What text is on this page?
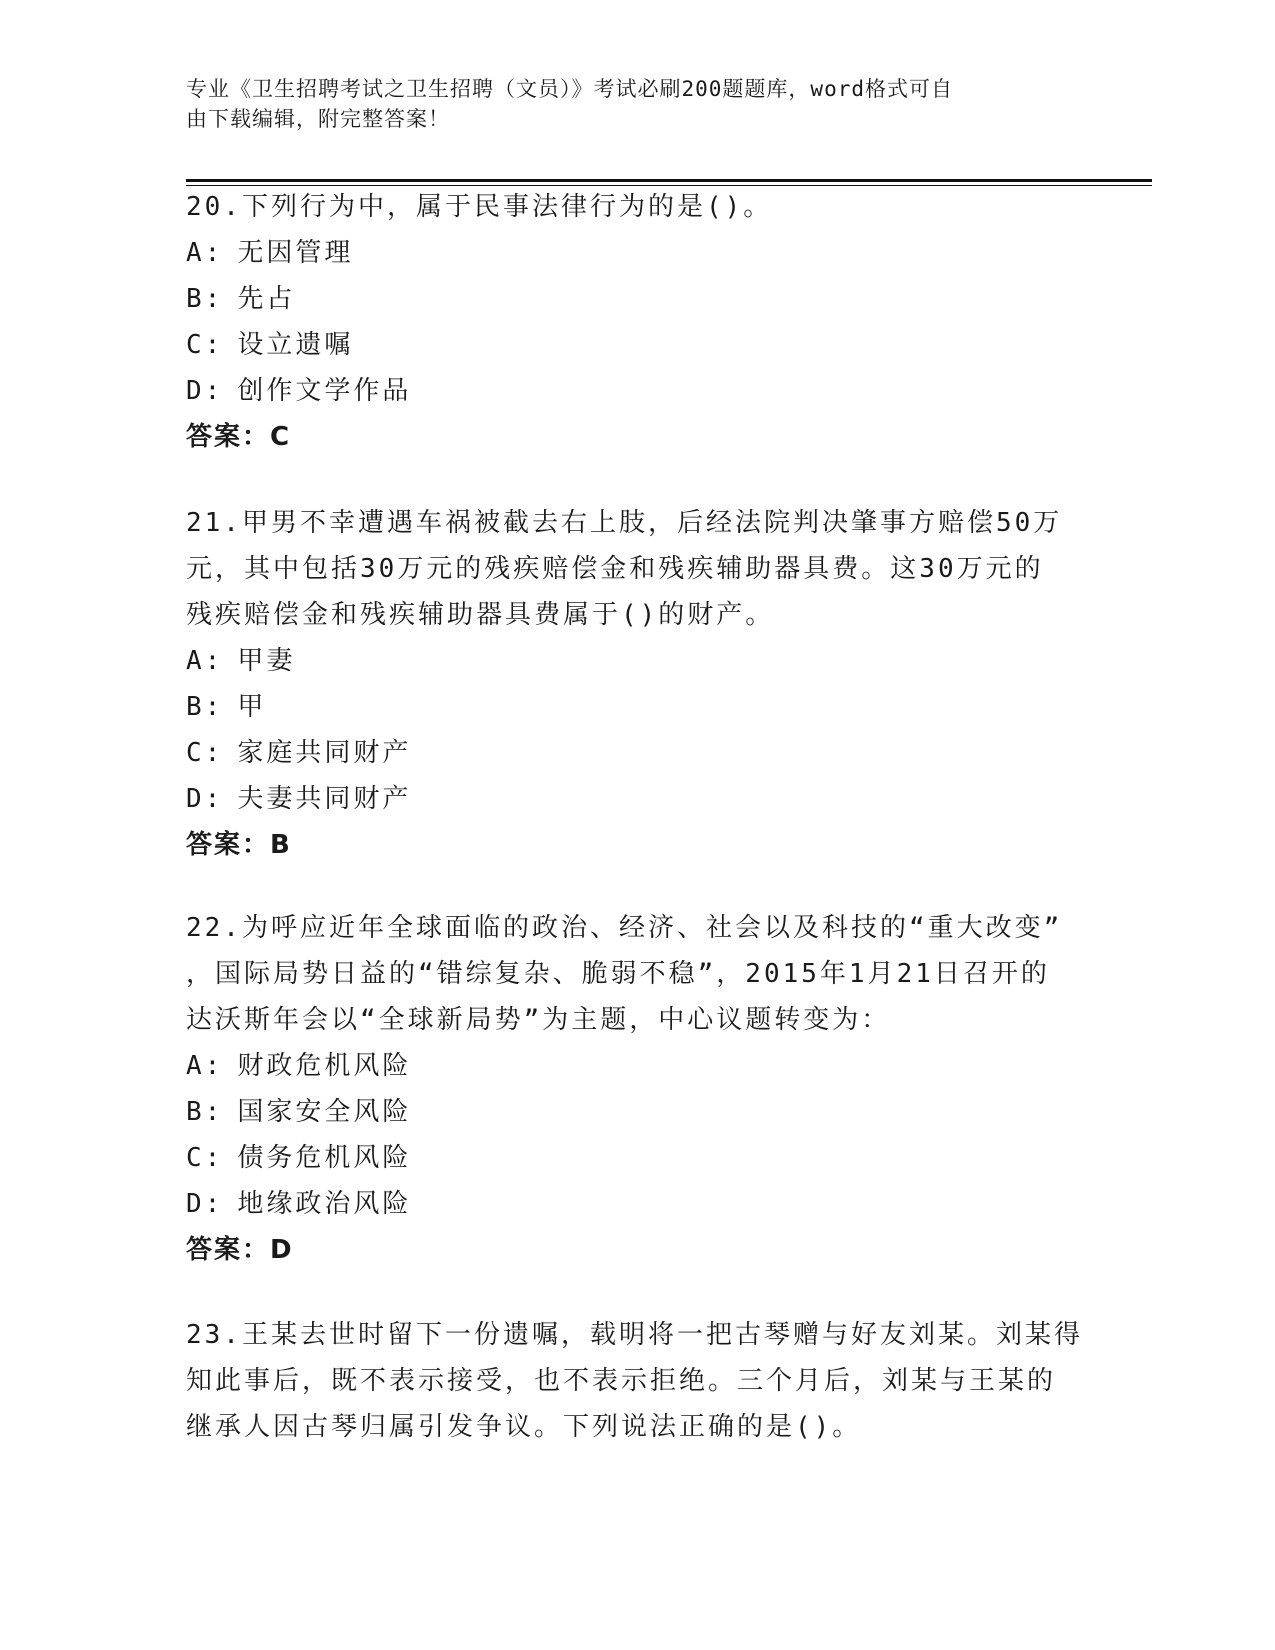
专业《卫生招聘考试之卫生招聘（文员）》考试必刷200题题库，word格式可自
由下载编辑，附完整答案！
20.下列行为中，属于民事法律行为的是()。
A: 无因管理
B: 先占
C: 设立遗嘱
D: 创作文学作品
答案：C
21.甲男不幸遭遇车祸被截去右上肢，后经法院判决肇事方赔偿50万
元，其中包括30万元的残疾赔偿金和残疾辅助器具费。这30万元的
残疾赔偿金和残疾辅助器具费属于()的财产。
A: 甲妻
B: 甲
C: 家庭共同财产
D: 夫妻共同财产
答案：B
22.为呼应近年全球面临的政治、经济、社会以及科技的“重大改变”
，国际局势日益的“错综复杂、脆弱不稳”，2015年1月21日召开的
达沃斯年会以“全球新局势”为主题，中心议题转变为：
A: 财政危机风险
B: 国家安全风险
C: 债务危机风险
D: 地缘政治风险
答案：D
23.王某去世时留下一份遗嘱，载明将一把古琴赠与好友刘某。刘某得
知此事后，既不表示接受，也不表示拒绝。三个月后，刘某与王某的
继承人因古琴归属引发争议。下列说法正确的是()。
